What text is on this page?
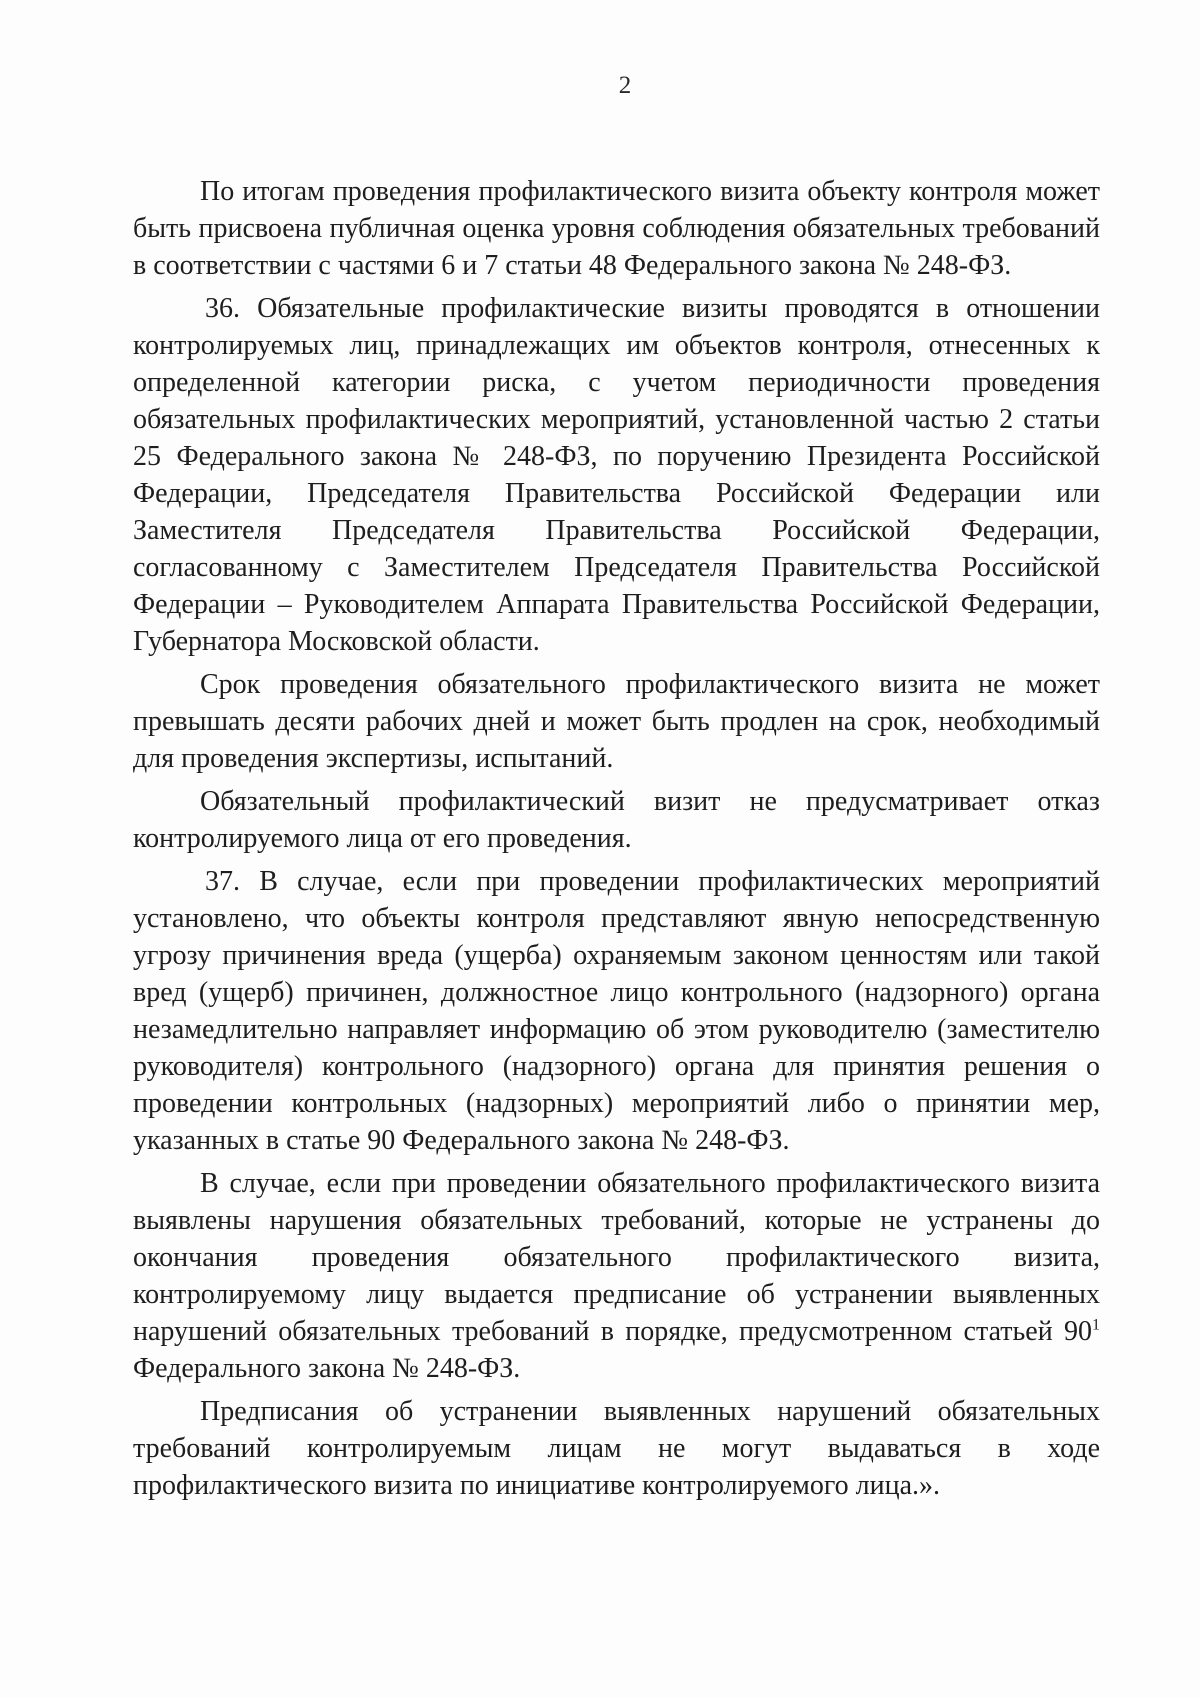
2

По итогам проведения профилактического визита объекту контроля может быть присвоена публичная оценка уровня соблюдения обязательных требований в соответствии с частями 6 и 7 статьи 48 Федерального закона № 248-ФЗ.

36. Обязательные профилактические визиты проводятся в отношении контролируемых лиц, принадлежащих им объектов контроля, отнесенных к определенной категории риска, с учетом периодичности проведения обязательных профилактических мероприятий, установленной частью 2 статьи 25 Федерального закона № 248-ФЗ, по поручению Президента Российской Федерации, Председателя Правительства Российской Федерации или Заместителя Председателя Правительства Российской Федерации, согласованному с Заместителем Председателя Правительства Российской Федерации – Руководителем Аппарата Правительства Российской Федерации, Губернатора Московской области.

Срок проведения обязательного профилактического визита не может превышать десяти рабочих дней и может быть продлен на срок, необходимый для проведения экспертизы, испытаний.

Обязательный профилактический визит не предусматривает отказ контролируемого лица от его проведения.

37. В случае, если при проведении профилактических мероприятий установлено, что объекты контроля представляют явную непосредственную угрозу причинения вреда (ущерба) охраняемым законом ценностям или такой вред (ущерб) причинен, должностное лицо контрольного (надзорного) органа незамедлительно направляет информацию об этом руководителю (заместителю руководителя) контрольного (надзорного) органа для принятия решения о проведении контрольных (надзорных) мероприятий либо о принятии мер, указанных в статье 90 Федерального закона № 248-ФЗ.

В случае, если при проведении обязательного профилактического визита выявлены нарушения обязательных требований, которые не устранены до окончания проведения обязательного профилактического визита, контролируемому лицу выдается предписание об устранении выявленных нарушений обязательных требований в порядке, предусмотренном статьей $90^1$ Федерального закона № 248-ФЗ.

Предписания об устранении выявленных нарушений обязательных требований контролируемым лицам не могут выдаваться в ходе профилактического визита по инициативе контролируемого лица.».
